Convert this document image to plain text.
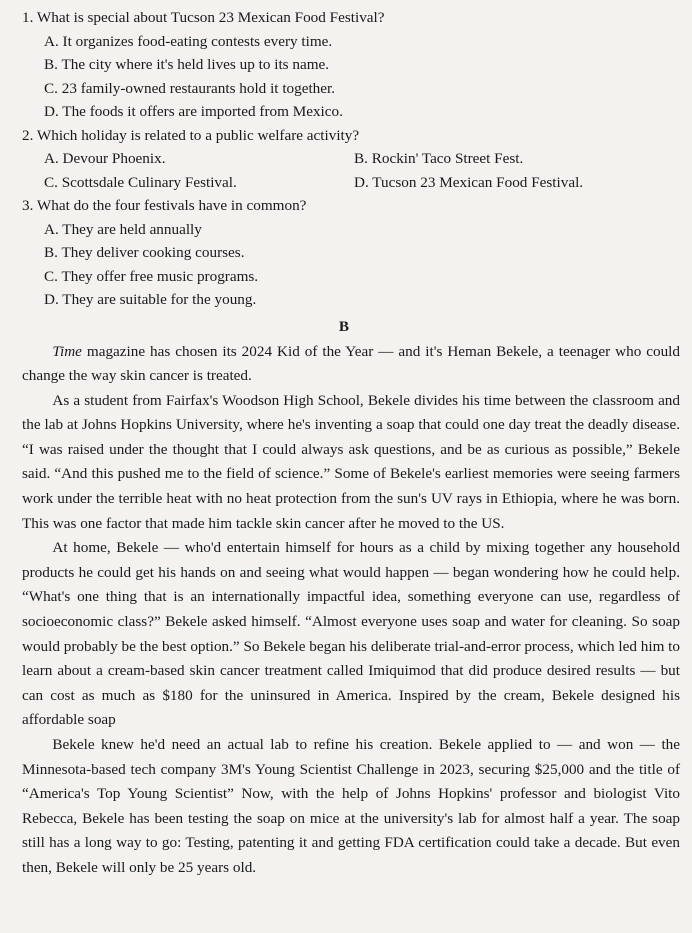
1. What is special about Tucson 23 Mexican Food Festival?

A. It organizes food-eating contests every time.

B. The city where it's held lives up to its name.

C. 23 family-owned restaurants hold it together.

D. The foods it offers are imported from Mexico.

2. Which holiday is related to a public welfare activity?

A. Devour Phoenix.	B. Rockin' Taco Street Fest.
C. Scottsdale Culinary Festival.	D. Tucson 23 Mexican Food Festival.

3. What do the four festivals have in common?

A. They are held annually

B. They deliver cooking courses.

C. They offer free music programs.

D. They are suitable for the young.

B

Time magazine has chosen its 2024 Kid of the Year — and it's Heman Bekele, a teenager who could change the way skin cancer is treated.

As a student from Fairfax's Woodson High School, Bekele divides his time between the classroom and the lab at Johns Hopkins University, where he's inventing a soap that could one day treat the deadly disease. “I was raised under the thought that I could always ask questions, and be as curious as possible,” Bekele said. “And this pushed me to the field of science.” Some of Bekele's earliest memories were seeing farmers work under the terrible heat with no heat protection from the sun's UV rays in Ethiopia, where he was born. This was one factor that made him tackle skin cancer after he moved to the US.

At home, Bekele — who'd entertain himself for hours as a child by mixing together any household products he could get his hands on and seeing what would happen — began wondering how he could help. “What's one thing that is an internationally impactful idea, something everyone can use, regardless of socioeconomic class?” Bekele asked himself. “Almost everyone uses soap and water for cleaning. So soap would probably be the best option.” So Bekele began his deliberate trial-and-error process, which led him to learn about a cream-based skin cancer treatment called Imiquimod that did produce desired results — but can cost as much as $180 for the uninsured in America. Inspired by the cream, Bekele designed his affordable soap

Bekele knew he'd need an actual lab to refine his creation. Bekele applied to — and won — the Minnesota-based tech company 3M's Young Scientist Challenge in 2023, securing $25,000 and the title of “America's Top Young Scientist” Now, with the help of Johns Hopkins' professor and biologist Vito Rebecca, Bekele has been testing the soap on mice at the university's lab for almost half a year. The soap still has a long way to go: Testing, patenting it and getting FDA certification could take a decade. But even then, Bekele will only be 25 years old.
